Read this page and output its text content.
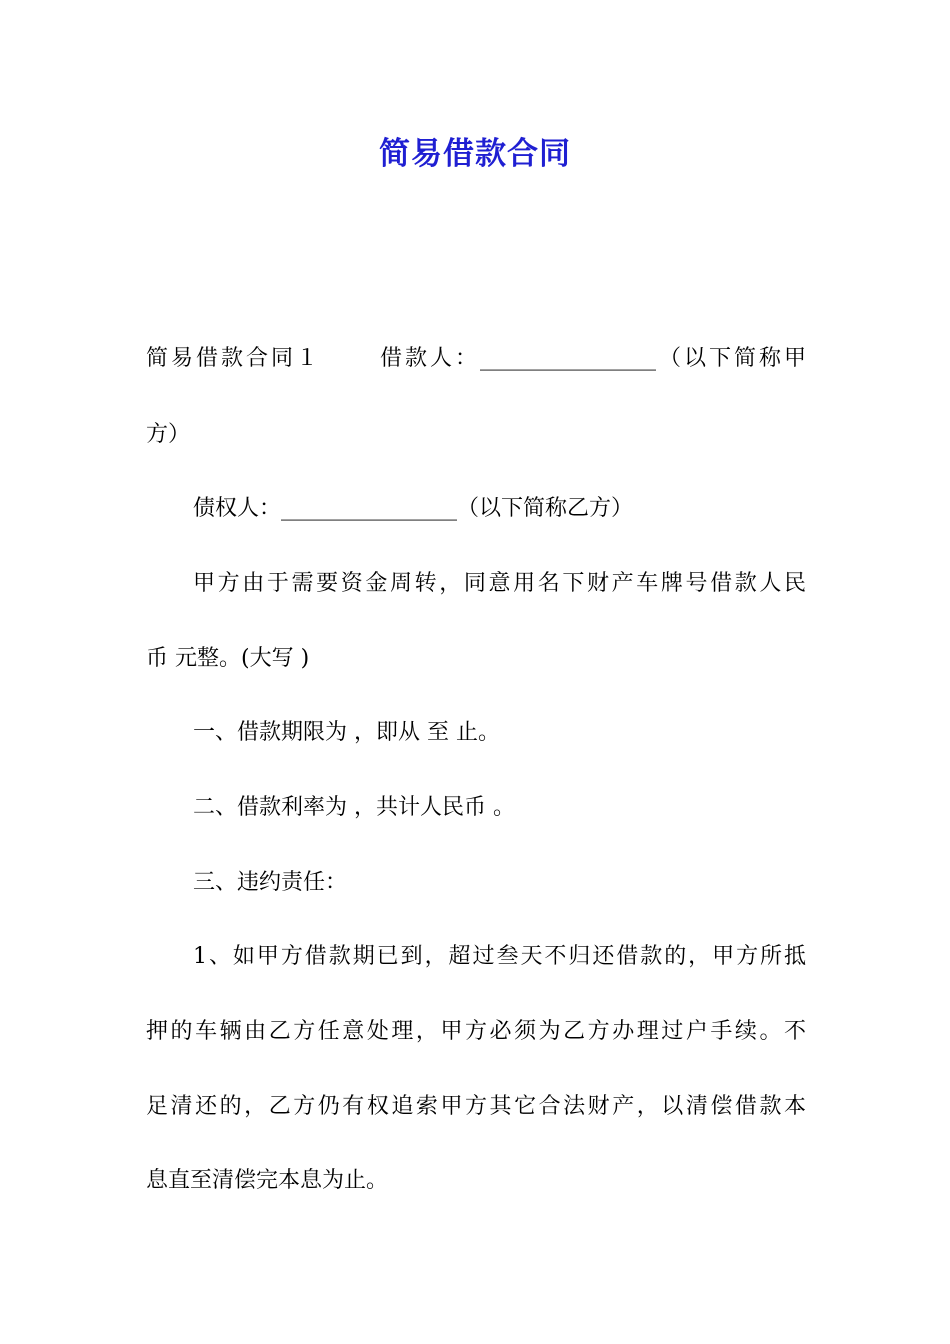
简易借款合同
简易借款合同１	借款人：________________（以下简称甲
方）
债权人：________________（以下简称乙方）
甲方由于需要资金周转，同意用名下财产车牌号借款人民
币 元整。(大写 )
一、借款期限为 ，即从 至 止。
二、借款利率为 ，共计人民币 。
三、违约责任：
1、如甲方借款期已到，超过叁天不归还借款的，甲方所抵
押的车辆由乙方任意处理，甲方必须为乙方办理过户手续。不
足清还的，乙方仍有权追索甲方其它合法财产，以清偿借款本
息直至清偿完本息为止。
